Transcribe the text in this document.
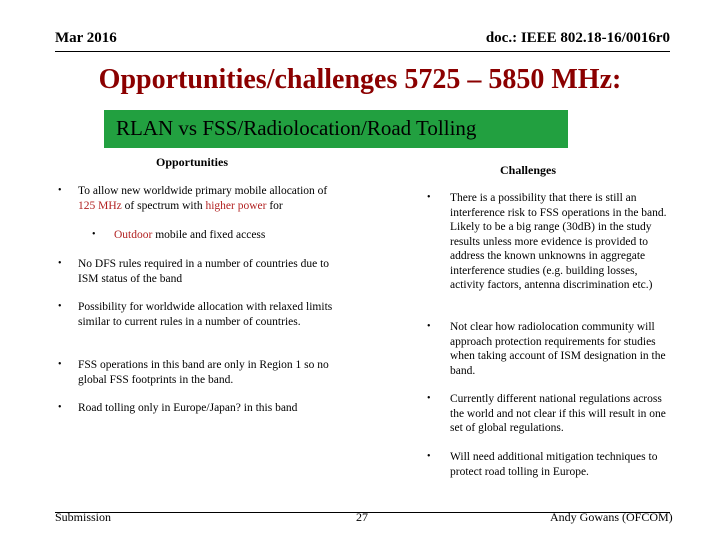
Mar 2016	doc.: IEEE 802.18-16/0016r0
Opportunities/challenges 5725 – 5850 MHz:
RLAN vs FSS/Radiolocation/Road Tolling
Opportunities
• To allow new worldwide primary mobile allocation of 125 MHz of spectrum with higher power for
• Outdoor mobile and fixed access
• No DFS rules required in a number of countries due to ISM status of the band
• Possibility for worldwide allocation with relaxed limits similar to current rules in a number of countries.
• FSS operations in this band are only in Region 1 so no global FSS footprints in the band.
• Road tolling only in Europe/Japan? in this band
Challenges
• There is a possibility that there is still an interference risk to FSS operations in the band. Likely to be a big range (30dB) in the study results unless more evidence is provided to address the known unknowns in aggregate interference studies (e.g. building losses, activity factors, antenna discrimination etc.)
• Not clear how radiolocation community will approach protection requirements for studies when taking account of ISM designation in the band.
• Currently different national regulations across the world and not clear if this will result in one set of global regulations.
• Will need additional mitigation techniques to protect road tolling in Europe.
Submission	27	Andy Gowans (OFCOM)
